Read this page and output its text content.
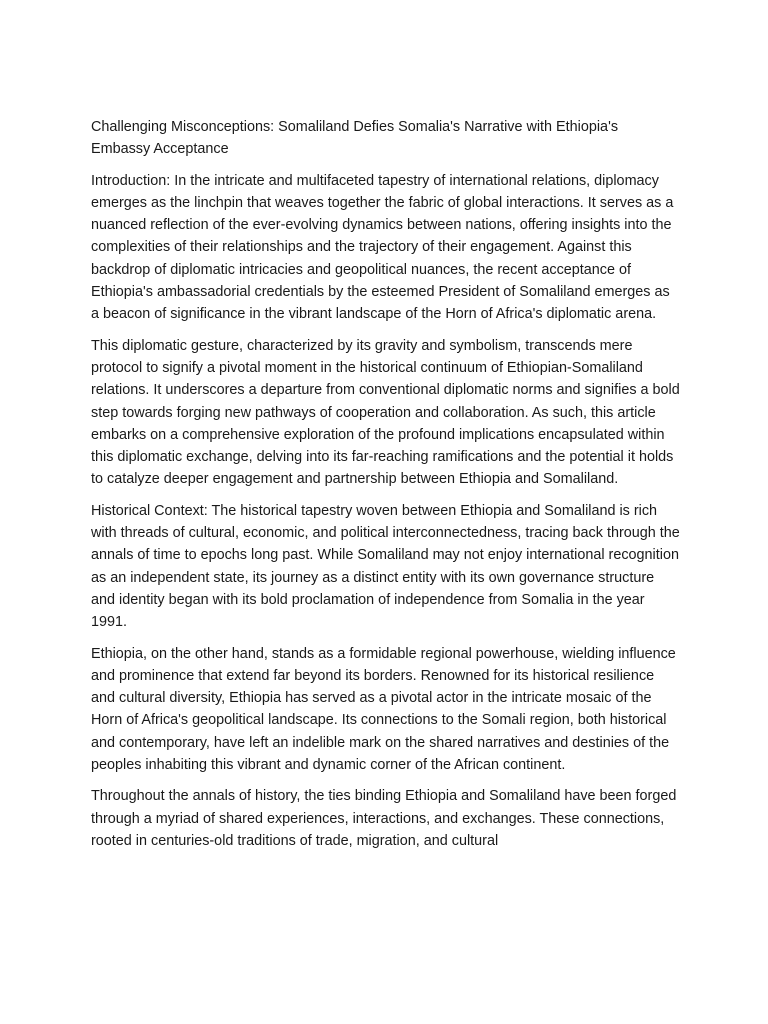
Challenging Misconceptions: Somaliland Defies Somalia's Narrative with Ethiopia's Embassy Acceptance

Introduction: In the intricate and multifaceted tapestry of international relations, diplomacy emerges as the linchpin that weaves together the fabric of global interactions. It serves as a nuanced reflection of the ever-evolving dynamics between nations, offering insights into the complexities of their relationships and the trajectory of their engagement. Against this backdrop of diplomatic intricacies and geopolitical nuances, the recent acceptance of Ethiopia's ambassadorial credentials by the esteemed President of Somaliland emerges as a beacon of significance in the vibrant landscape of the Horn of Africa's diplomatic arena.

This diplomatic gesture, characterized by its gravity and symbolism, transcends mere protocol to signify a pivotal moment in the historical continuum of Ethiopian-Somaliland relations. It underscores a departure from conventional diplomatic norms and signifies a bold step towards forging new pathways of cooperation and collaboration. As such, this article embarks on a comprehensive exploration of the profound implications encapsulated within this diplomatic exchange, delving into its far-reaching ramifications and the potential it holds to catalyze deeper engagement and partnership between Ethiopia and Somaliland.

Historical Context: The historical tapestry woven between Ethiopia and Somaliland is rich with threads of cultural, economic, and political interconnectedness, tracing back through the annals of time to epochs long past. While Somaliland may not enjoy international recognition as an independent state, its journey as a distinct entity with its own governance structure and identity began with its bold proclamation of independence from Somalia in the year 1991.

Ethiopia, on the other hand, stands as a formidable regional powerhouse, wielding influence and prominence that extend far beyond its borders. Renowned for its historical resilience and cultural diversity, Ethiopia has served as a pivotal actor in the intricate mosaic of the Horn of Africa's geopolitical landscape. Its connections to the Somali region, both historical and contemporary, have left an indelible mark on the shared narratives and destinies of the peoples inhabiting this vibrant and dynamic corner of the African continent.

Throughout the annals of history, the ties binding Ethiopia and Somaliland have been forged through a myriad of shared experiences, interactions, and exchanges. These connections, rooted in centuries-old traditions of trade, migration, and cultural
